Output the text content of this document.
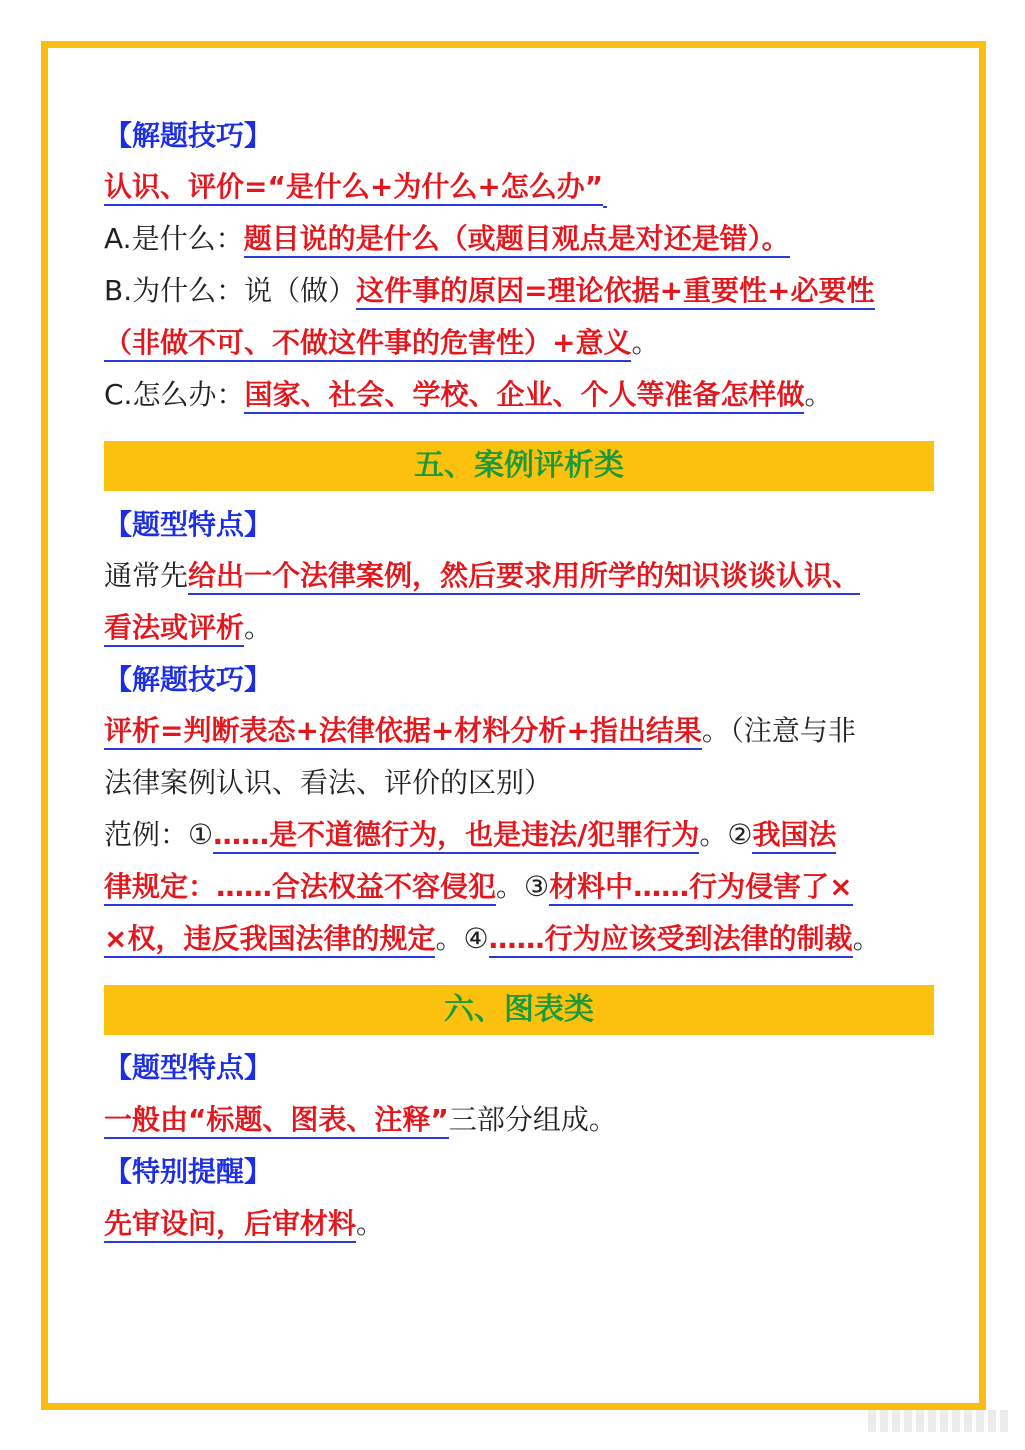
【解题技巧】
认识、评价=“是什么+为什么+怎么办”
A.是什么：题目说的是什么（或题目观点是对还是错）。
B.为什么：说（做）这件事的原因=理论依据+重要性+必要性
（非做不可、不做这件事的危害性）+意义。
C.怎么办：国家、社会、学校、企业、个人等准备怎样做。
五、案例评析类
【题型特点】
通常先给出一个法律案例，然后要求用所学的知识谈谈认识、
看法或评析。
【解题技巧】
评析=判断表态+法律依据+材料分析+指出结果。（注意与非
法律案例认识、看法、评价的区别）
范例：①……是不道德行为，也是违法/犯罪行为。②我国法
律规定：……合法权益不容侵犯。③材料中……行为侵害了×
×权，违反我国法律的规定。④……行为应该受到法律的制裁。
六、图表类
【题型特点】
一般由“标题、图表、注释”三部分组成。
【特别提醒】
先审设问，后审材料。
